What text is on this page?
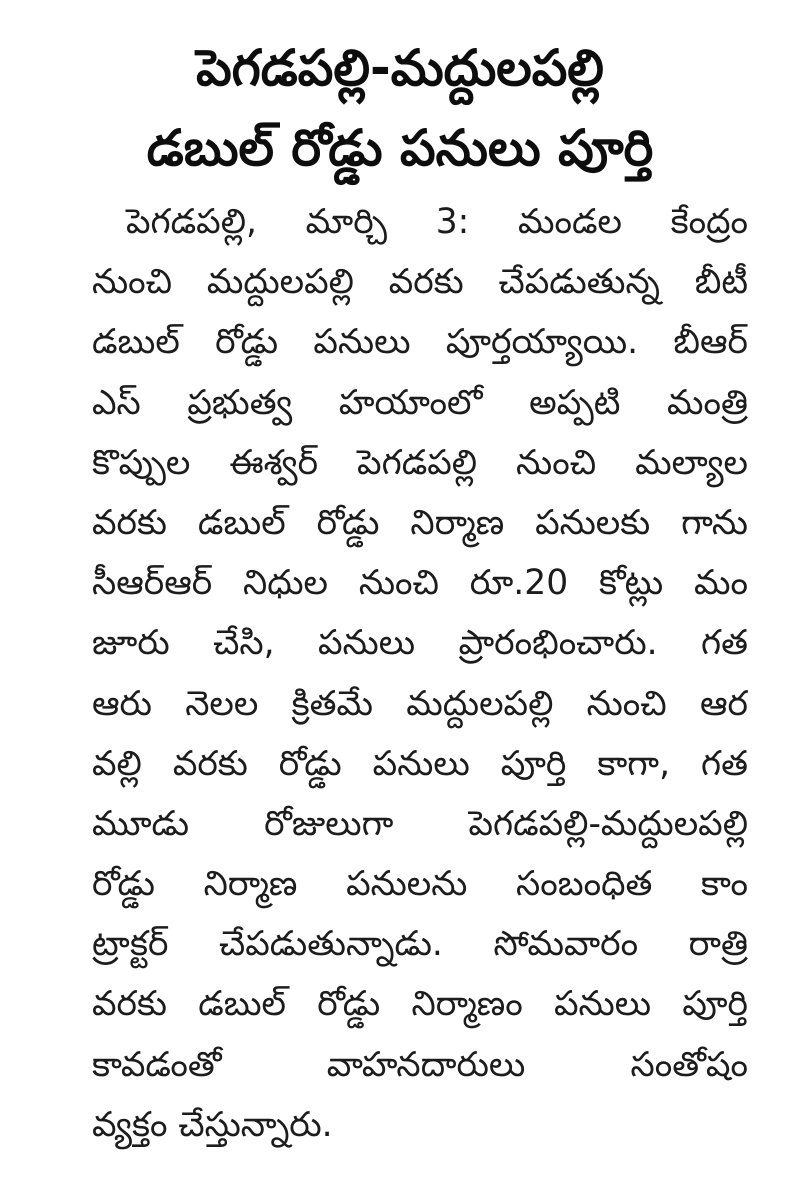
పెగడపల్లి-మద్దులపల్లి
డబుల్ రోడ్డు పనులు పూర్తి
పెగడపల్లి, మార్చి 3: మండల కేంద్రం
నుంచి మద్దులపల్లి వరకు చేపడుతున్న బీటీ
డబుల్ రోడ్డు పనులు పూర్తయ్యాయి. బీఆర్
ఎస్ ప్రభుత్వ హయాంలో అప్పటి మంత్రి
కొప్పుల ఈశ్వర్ పెగడపల్లి నుంచి మల్యాల
వరకు డబుల్ రోడ్డు నిర్మాణ పనులకు గాను
సీఆర్ఆర్ నిధుల నుంచి రూ.20 కోట్లు మం
జూరు చేసి, పనులు ప్రారంభించారు. గత
ఆరు నెలల క్రితమే మద్దులపల్లి నుంచి ఆర
వల్లి వరకు రోడ్డు పనులు పూర్తి కాగా, గత
మూడు రోజులుగా పెగడపల్లి-మద్దులపల్లి
రోడ్డు నిర్మాణ పనులను సంబంధిత కాం
ట్రాక్టర్ చేపడుతున్నాడు. సోమవారం రాత్రి
వరకు డబుల్ రోడ్డు నిర్మాణం పనులు పూర్తి
కావడంతో వాహనదారులు సంతోషం
వ్యక్తం చేస్తున్నారు.
